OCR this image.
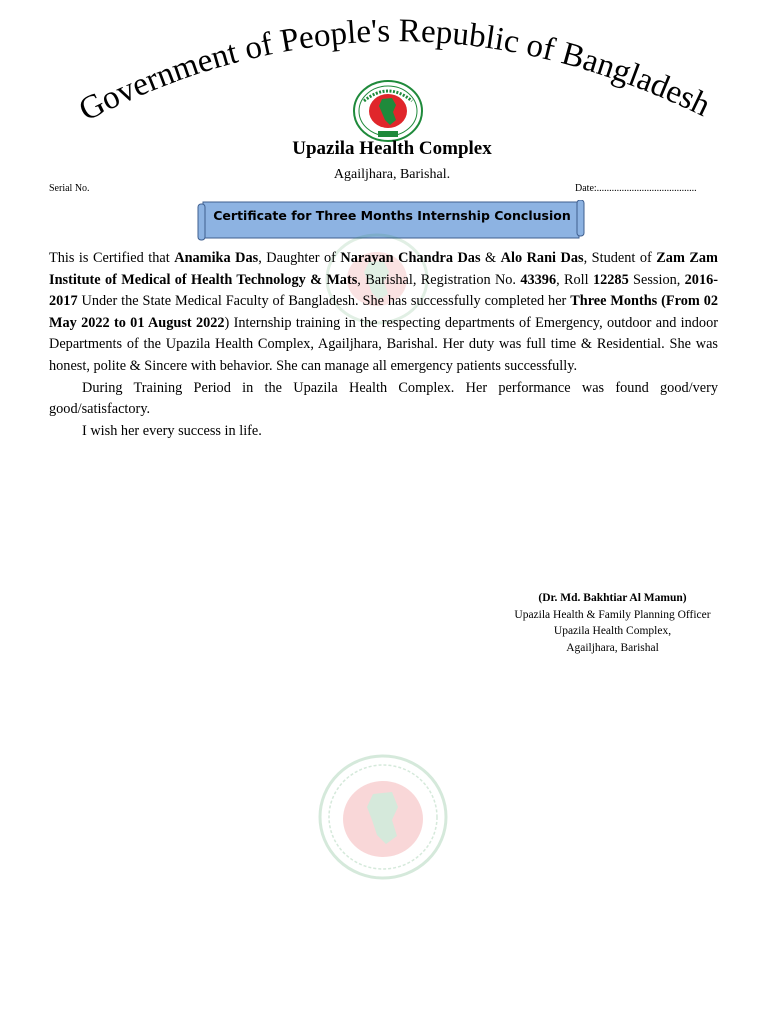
Government of People's Republic of Bangladesh
Upazila Health Complex
Agailjhara, Barishal.
Serial No.	Date:........................................
Certificate for Three Months Internship Conclusion

This is Certified that Anamika Das, Daughter of Narayan Chandra Das & Alo Rani Das, Student of Zam Zam Institute of Medical of Health Technology & Mats, Barishal, Registration No. 43396, Roll 12285 Session, 2016-2017 Under the State Medical Faculty of Bangladesh. She has successfully completed her Three Months (From 02 May 2022 to 01 August 2022) Internship training in the respecting departments of Emergency, outdoor and indoor Departments of the Upazila Health Complex, Agailjhara, Barishal. Her duty was full time & Residential. She was honest, polite & Sincere with behavior. She can manage all emergency patients successfully.

During Training Period in the Upazila Health Complex. Her performance was found good/very good/satisfactory.

I wish her every success in life.

(Dr. Md. Bakhtiar Al Mamun)
Upazila Health & Family Planning Officer
Upazila Health Complex,
Agailjhara, Barishal
